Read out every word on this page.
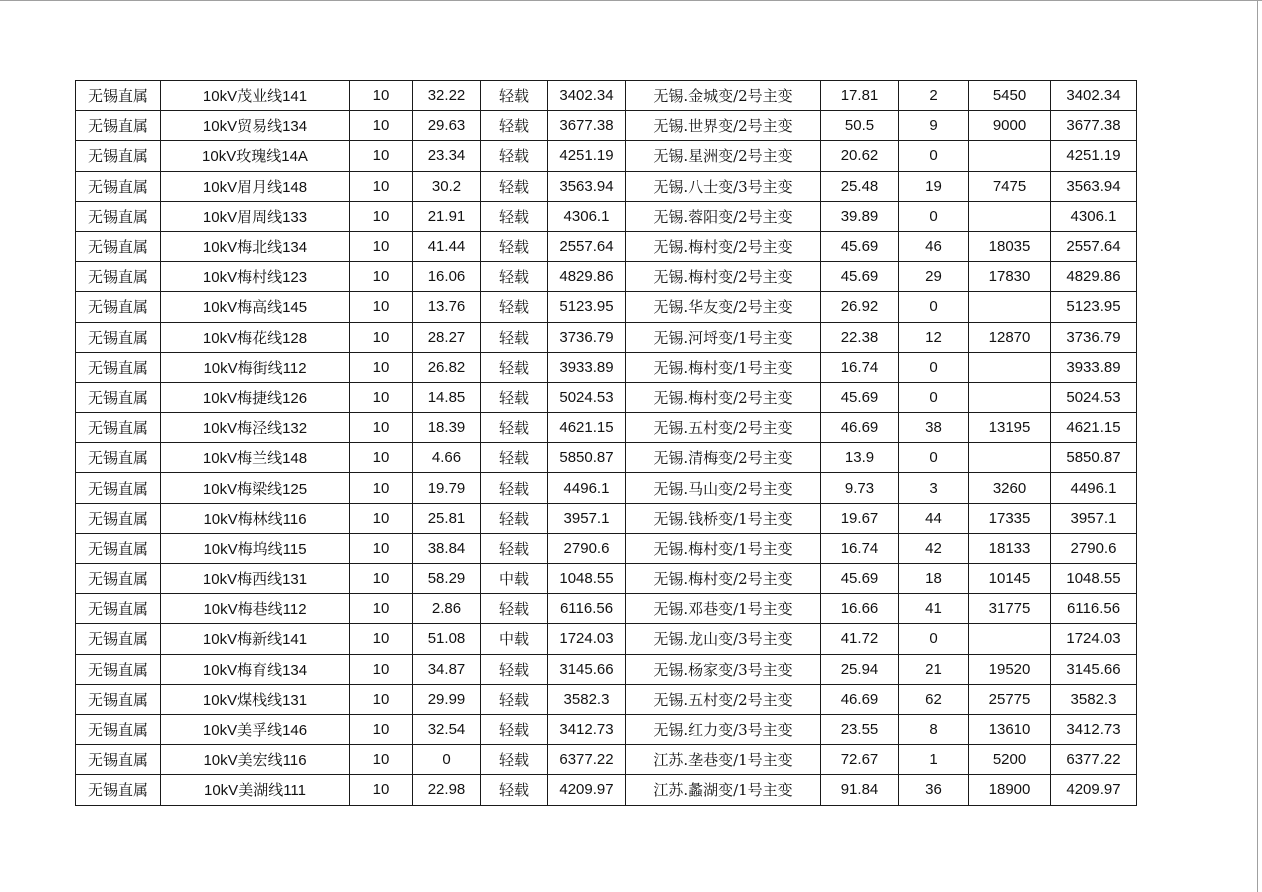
无锡直属	10kV茂业线141	10	32.22	轻载	3402.34	无锡.金城变/2号主变	17.81	2	5450	3402.34
无锡直属	10kV贸易线134	10	29.63	轻载	3677.38	无锡.世界变/2号主变	50.5	9	9000	3677.38
无锡直属	10kV玫瑰线14A	10	23.34	轻载	4251.19	无锡.星洲变/2号主变	20.62	0		4251.19
无锡直属	10kV眉月线148	10	30.2	轻载	3563.94	无锡.八士变/3号主变	25.48	19	7475	3563.94
无锡直属	10kV眉周线133	10	21.91	轻载	4306.1	无锡.蓉阳变/2号主变	39.89	0		4306.1
无锡直属	10kV梅北线134	10	41.44	轻载	2557.64	无锡.梅村变/2号主变	45.69	46	18035	2557.64
无锡直属	10kV梅村线123	10	16.06	轻载	4829.86	无锡.梅村变/2号主变	45.69	29	17830	4829.86
无锡直属	10kV梅高线145	10	13.76	轻载	5123.95	无锡.华友变/2号主变	26.92	0		5123.95
无锡直属	10kV梅花线128	10	28.27	轻载	3736.79	无锡.河埒变/1号主变	22.38	12	12870	3736.79
无锡直属	10kV梅街线112	10	26.82	轻载	3933.89	无锡.梅村变/1号主变	16.74	0		3933.89
无锡直属	10kV梅捷线126	10	14.85	轻载	5024.53	无锡.梅村变/2号主变	45.69	0		5024.53
无锡直属	10kV梅泾线132	10	18.39	轻载	4621.15	无锡.五村变/2号主变	46.69	38	13195	4621.15
无锡直属	10kV梅兰线148	10	4.66	轻载	5850.87	无锡.清梅变/2号主变	13.9	0		5850.87
无锡直属	10kV梅梁线125	10	19.79	轻载	4496.1	无锡.马山变/2号主变	9.73	3	3260	4496.1
无锡直属	10kV梅林线116	10	25.81	轻载	3957.1	无锡.钱桥变/1号主变	19.67	44	17335	3957.1
无锡直属	10kV梅坞线115	10	38.84	轻载	2790.6	无锡.梅村变/1号主变	16.74	42	18133	2790.6
无锡直属	10kV梅西线131	10	58.29	中载	1048.55	无锡.梅村变/2号主变	45.69	18	10145	1048.55
无锡直属	10kV梅巷线112	10	2.86	轻载	6116.56	无锡.邓巷变/1号主变	16.66	41	31775	6116.56
无锡直属	10kV梅新线141	10	51.08	中载	1724.03	无锡.龙山变/3号主变	41.72	0		1724.03
无锡直属	10kV梅育线134	10	34.87	轻载	3145.66	无锡.杨家变/3号主变	25.94	21	19520	3145.66
无锡直属	10kV煤栈线131	10	29.99	轻载	3582.3	无锡.五村变/2号主变	46.69	62	25775	3582.3
无锡直属	10kV美孚线146	10	32.54	轻载	3412.73	无锡.红力变/3号主变	23.55	8	13610	3412.73
无锡直属	10kV美宏线116	10	0	轻载	6377.22	江苏.垄巷变/1号主变	72.67	1	5200	6377.22
无锡直属	10kV美湖线111	10	22.98	轻载	4209.97	江苏.蠡湖变/1号主变	91.84	36	18900	4209.97
